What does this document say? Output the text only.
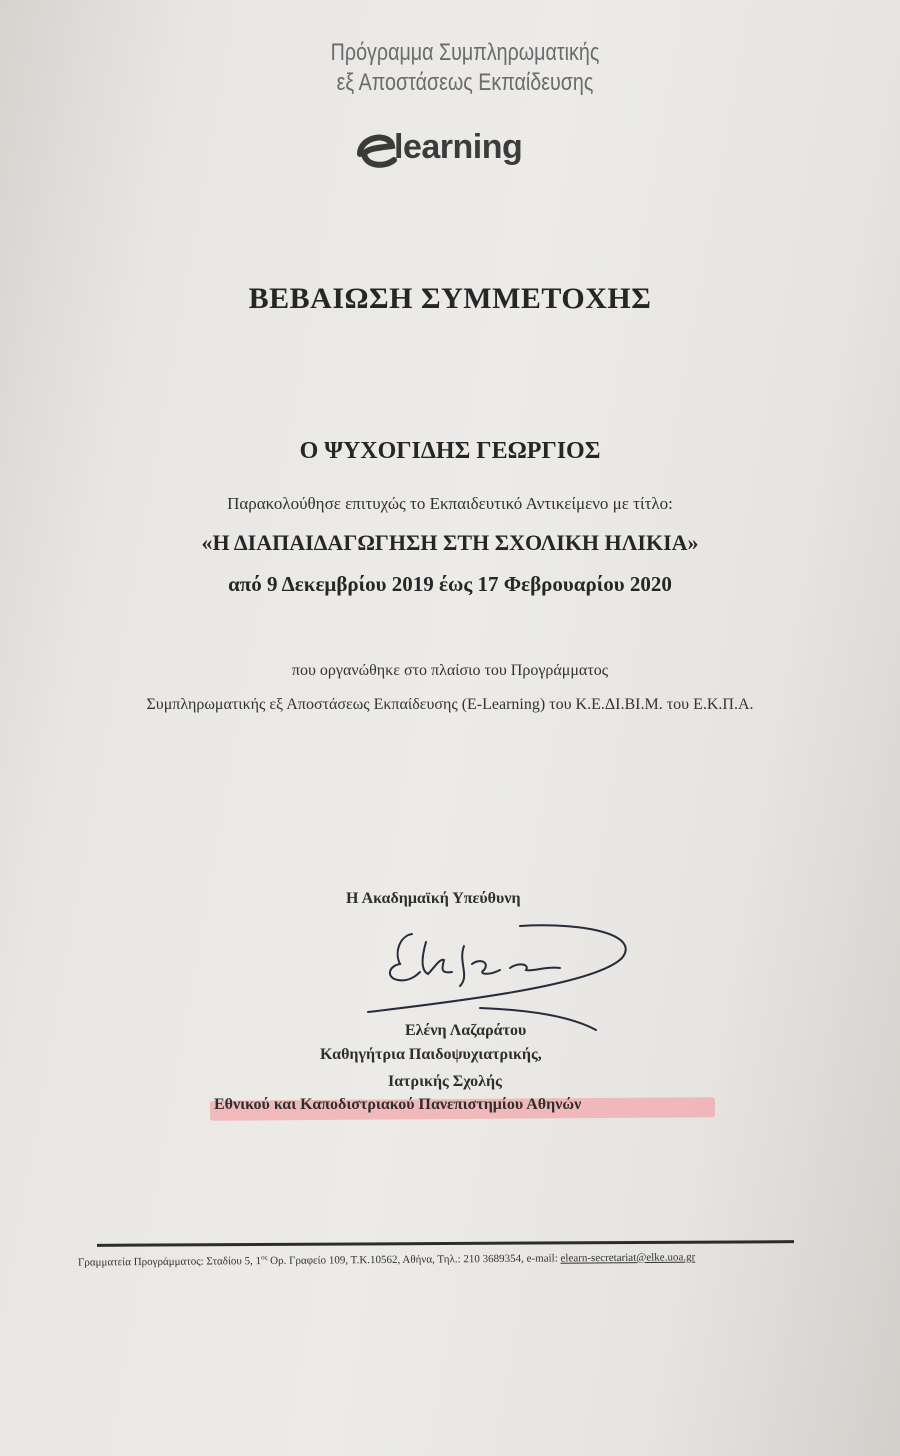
Πρόγραμμα Συμπληρωματικής
εξ Αποστάσεως Εκπαίδευσης
learning
ΒΕΒΑΙΩΣΗ ΣΥΜΜΕΤΟΧΗΣ
Ο ΨΥΧΟΓΙΔΗΣ ΓΕΩΡΓΙΟΣ
Παρακολούθησε επιτυχώς το Εκπαιδευτικό Αντικείμενο με τίτλο:
«Η ΔΙΑΠΑΙΔΑΓΩΓΗΣΗ ΣΤΗ ΣΧΟΛΙΚΗ ΗΛΙΚΙΑ»
από 9 Δεκεμβρίου 2019 έως 17 Φεβρουαρίου 2020
που οργανώθηκε στο πλαίσιο του Προγράμματος
Συμπληρωματικής εξ Αποστάσεως Εκπαίδευσης (E-Learning) του Κ.Ε.ΔΙ.ΒΙ.Μ. του Ε.Κ.Π.Α.
Η Ακαδημαϊκή Υπεύθυνη
Ελένη Λαζαράτου
Καθηγήτρια Παιδοψυχιατρικής,
Ιατρικής Σχολής
Εθνικού και Καποδιστριακού Πανεπιστημίου Αθηνών
Γραμματεία Προγράμματος: Σταδίου 5, $1^{o\varsigma}$ Ορ. Γραφείο 109, Τ.Κ.10562, Αθήνα, Τηλ.: 210 3689354, e-mail: elearn-secretariat@elke.uoa.gr
